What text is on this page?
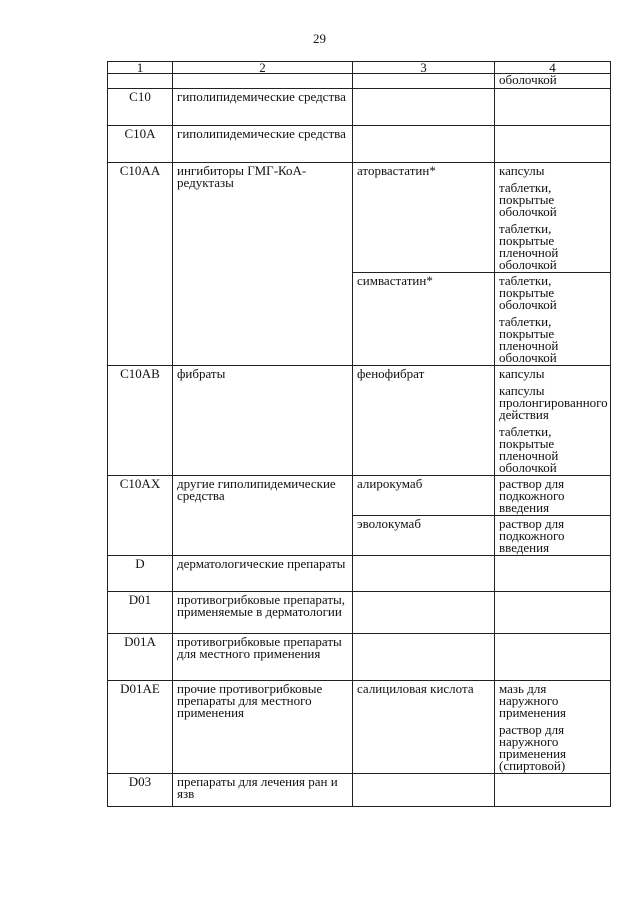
29
1	2	3	4
			оболочкой
C10	гиполипидемические средства		
C10A	гиполипидемические средства		
C10AA	ингибиторы ГМГ-КоА-редуктазы	аторвастатин*	капсулы
таблетки, покрытые оболочкой
таблетки, покрытые пленочной оболочкой

		симвастатин*	таблетки, покрытые оболочкой
таблетки, покрытые пленочной оболочкой

C10AB	фибраты	фенофибрат	капсулы
капсулы пролонгированного действия
таблетки, покрытые пленочной оболочкой

C10AX	другие гиполипидемические средства	алирокумаб	раствор для подкожного введения

		эволокумаб	раствор для подкожного введения

D	дерматологические препараты		
D01	противогрибковые препараты, применяемые в дерматологии		
D01A	противогрибковые препараты для местного применения		
D01AE	прочие противогрибковые препараты для местного применения	салициловая кислота	мазь для наружного применения
раствор для наружного применения (спиртовой)

D03	препараты для лечения ран и язв		
